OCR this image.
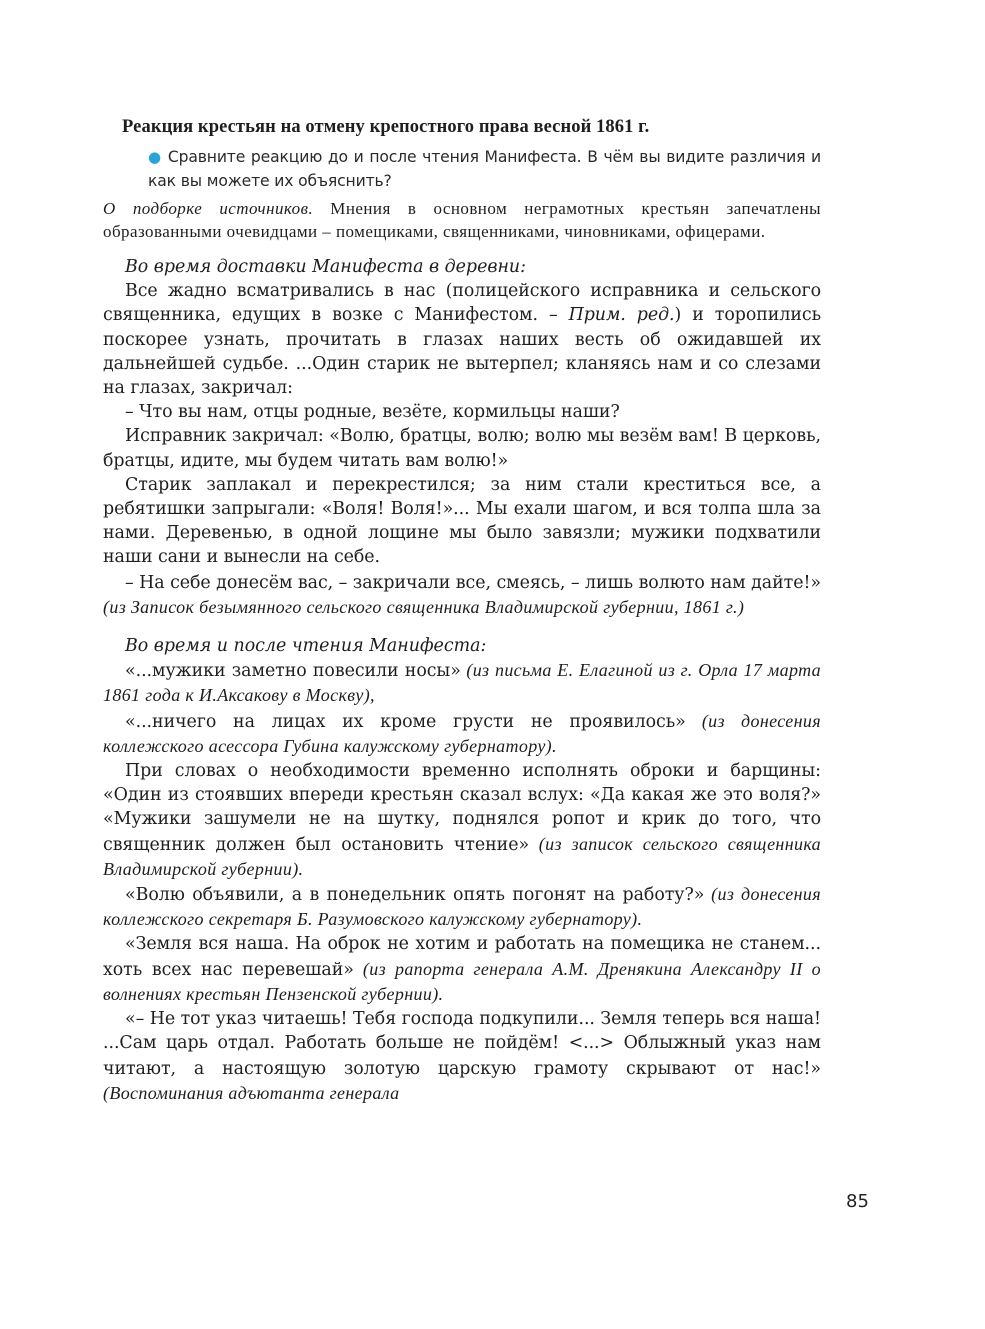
Реакция крестьян на отмену крепостного права весной 1861 г.
● Сравните реакцию до и после чтения Манифеста. В чём вы видите различия и как вы можете их объяснить?
О подборке источников. Мнения в основном неграмотных крестьян запечатлены образованными очевидцами – помещиками, священниками, чиновниками, офицерами.
Во время доставки Манифеста в деревни:

Все жадно всматривались в нас (полицейского исправника и сельского священника, едущих в возке с Манифестом. – Прим. ред.) и торопились поскорее узнать, прочитать в глазах наших весть об ожидавшей их дальнейшей судьбе. ...Один старик не вытерпел; кланяясь нам и со слезами на глазах, закричал:

– Что вы нам, отцы родные, везёте, кормильцы наши?

Исправник закричал: «Волю, братцы, волю; волю мы везём вам! В церковь, братцы, идите, мы будем читать вам волю!»

Старик заплакал и перекрестился; за ним стали креститься все, а ребятишки запрыгали: «Воля! Воля!»... Мы ехали шагом, и вся толпа шла за нами. Деревенью, в одной лощине мы было завязли; мужики подхватили наши сани и вынесли на себе.

– На себе донесём вас, – закричали все, смеясь, – лишь волюто нам дайте!» (из Записок безымянного сельского священника Владимирской губернии, 1861 г.)

Во время и после чтения Манифеста:

«...мужики заметно повесили носы» (из письма Е. Елагиной из г. Орла 17 марта 1861 года к И.Аксакову в Москву),

«...ничего на лицах их кроме грусти не проявилось» (из донесения коллежского асессора Губина калужскому губернатору).

При словах о необходимости временно исполнять оброки и барщины: «Один из стоявших впереди крестьян сказал вслух: «Да какая же это воля?» «Мужики зашумели не на шутку, поднялся ропот и крик до того, что священник должен был остановить чтение» (из записок сельского священника Владимирской губернии).

«Волю объявили, а в понедельник опять погонят на работу?» (из донесения коллежского секретаря Б. Разумовского калужскому губернатору).

«Земля вся наша. На оброк не хотим и работать на помещика не станем... хоть всех нас перевешай» (из рапорта генерала А.М. Дренякина Александру II о волнениях крестьян Пензенской губернии).

«– Не тот указ читаешь! Тебя господа подкупили... Земля теперь вся наша! ...Сам царь отдал. Работать больше не пойдём! <...> Облыжный указ нам читают, а настоящую золотую царскую грамоту скрывают от нас!» (Воспоминания адъютанта генерала

85
